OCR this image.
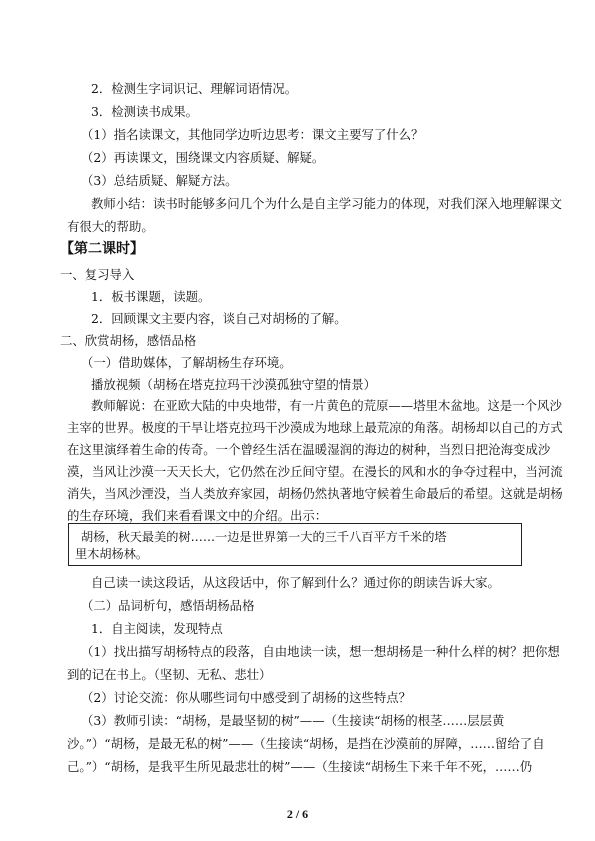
2．检测生字词识记、理解词语情况。
3．检测读书成果。
（1）指名读课文，其他同学边听边思考：课文主要写了什么？
（2）再读课文，围绕课文内容质疑、解疑。
（3）总结质疑、解疑方法。
教师小结：读书时能够多问几个为什么是自主学习能力的体现，对我们深入地理解课文
有很大的帮助。
【第二课时】
一、复习导入
1．板书课题，读题。
2．回顾课文主要内容，谈自己对胡杨的了解。
二、欣赏胡杨，感悟品格
（一）借助媒体，了解胡杨生存环境。
播放视频（胡杨在塔克拉玛干沙漠孤独守望的情景）
教师解说：在亚欧大陆的中央地带，有一片黄色的荒原——塔里木盆地。这是一个风沙
主宰的世界。极度的干旱让塔克拉玛干沙漠成为地球上最荒凉的角落。胡杨却以自己的方式
在这里演绎着生命的传奇。一个曾经生活在温暖湿润的海边的树种，当烈日把沧海变成沙
漠，当风让沙漠一天天长大，它仍然在沙丘间守望。在漫长的风和水的争夺过程中，当河流
消失，当风沙湮没，当人类放弃家园，胡杨仍然执著地守候着生命最后的希望。这就是胡杨
的生存环境，我们来看看课文中的介绍。出示：
胡杨，秋天最美的树……一边是世界第一大的三千八百平方千米的塔
里木胡杨林。
自己读一读这段话，从这段话中，你了解到什么？通过你的朗读告诉大家。
（二）品词析句，感悟胡杨品格
1．自主阅读，发现特点
（1）找出描写胡杨特点的段落，自由地读一读，想一想胡杨是一种什么样的树？把你想
到的记在书上。（坚韧、无私、悲壮）
（2）讨论交流：你从哪些词句中感受到了胡杨的这些特点？
（3）教师引读：“胡杨，是最坚韧的树”——（生接读“胡杨的根茎……层层黄
沙。”）“胡杨，是最无私的树”——（生接读“胡杨，是挡在沙漠前的屏障，……留给了自
己。”）“胡杨，是我平生所见最悲壮的树”——（生接读“胡杨生下来千年不死，……仍
2 / 6
